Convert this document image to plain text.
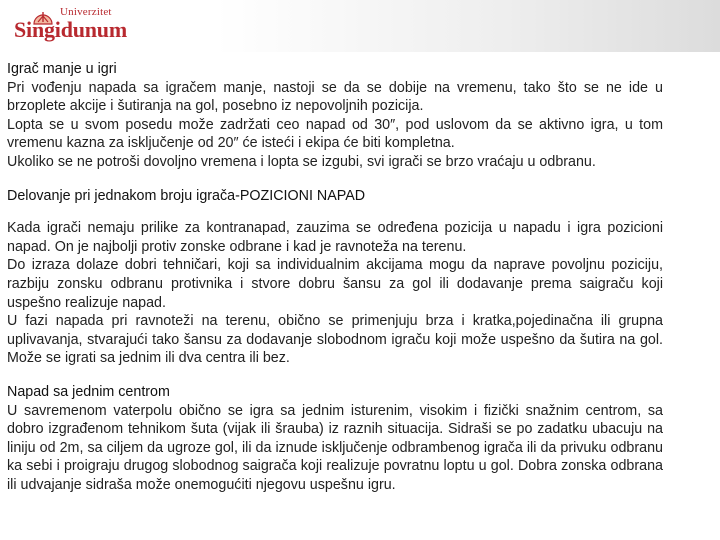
Univerzitet
Singidunum
Igrač manje u igri
Pri vođenju napada sa igračem manje, nastoji se da se dobije na vremenu, tako što se ne ide u brzoplete akcije i šutiranja na gol, posebno iz nepovoljnih pozicija.
Lopta se u svom posedu može zadržati ceo napad od 30″, pod uslovom da se aktivno igra, u tom vremenu kazna za isključenje od 20″ će isteći i ekipa će biti kompletna.
Ukoliko se ne potroši dovoljno vremena i lopta se izgubi, svi igrači se brzo vraćaju u odbranu.
Delovanje pri jednakom broju igrača-POZICIONI NAPAD
Kada igrači nemaju prilike za kontranapad, zauzima se određena pozicija u napadu i igra pozicioni napad. On je najbolji protiv zonske odbrane i kad je ravnoteža na terenu.
Do izraza dolaze dobri tehničari, koji sa individualnim akcijama mogu da naprave povoljnu poziciju, razbiju zonsku odbranu protivnika i stvore dobru šansu za gol ili dodavanje prema saigraču koji uspešno realizuje napad.
U fazi napada pri ravnoteži na terenu, obično se primenjuju brza i kratka,pojedinačna ili grupna uplivavanja, stvarajući tako šansu za dodavanje slobodnom igraču koji može uspešno da šutira na gol. Može se igrati sa jednim ili dva centra ili bez.
Napad sa jednim centrom
U savremenom vaterpolu obično se igra sa jednim isturenim, visokim i fizički snažnim centrom, sa dobro izgrađenom tehnikom šuta (vijak ili šrauba) iz raznih situacija. Sidraši se po zadatku ubacuju na liniju od 2m, sa ciljem da ugroze gol, ili da iznude isključenje odbrambenog igrača ili da privuku odbranu ka sebi i proigraju drugog slobodnog saigrača koji realizuje povratnu loptu u gol. Dobra zonska odbrana ili udvajanje sidraša može onemogućiti njegovu uspešnu igru.
